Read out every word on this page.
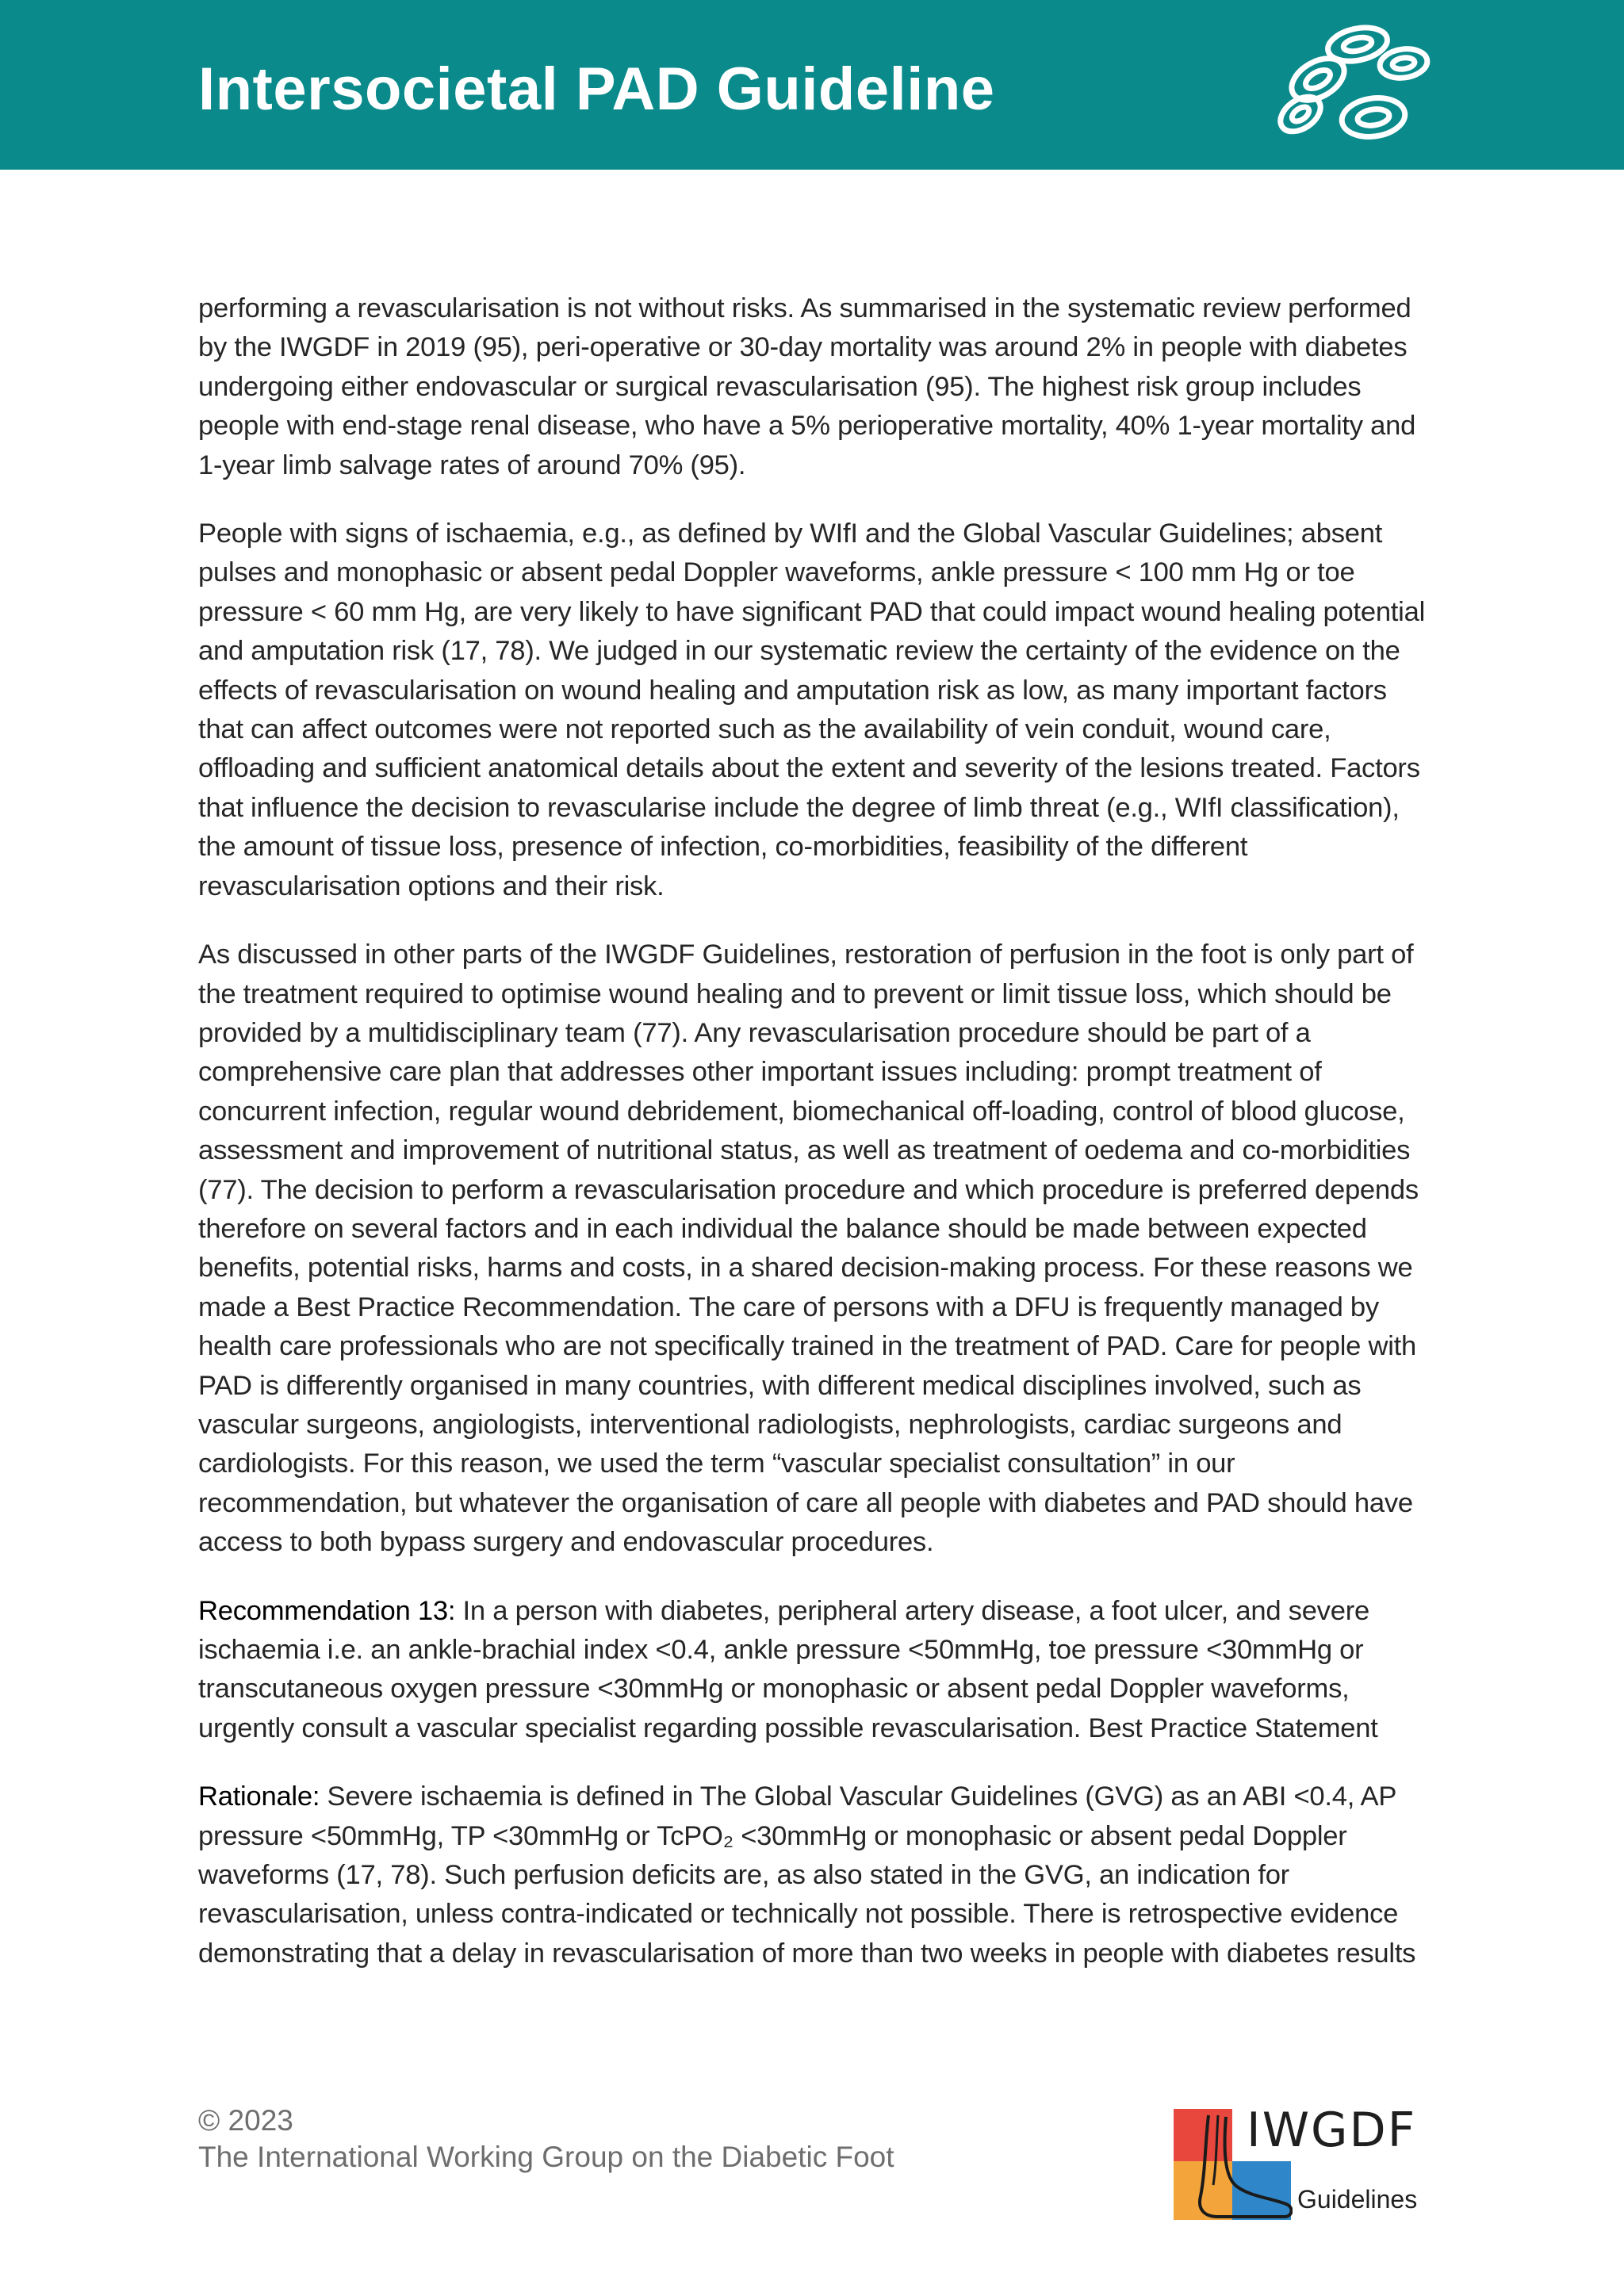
Intersocietal PAD Guideline

performing a revascularisation is not without risks. As summarised in the systematic review performed by the IWGDF in 2019 (95), peri-operative or 30-day mortality was around 2% in people with diabetes undergoing either endovascular or surgical revascularisation (95). The highest risk group includes people with end-stage renal disease, who have a 5% perioperative mortality, 40% 1-year mortality and 1-year limb salvage rates of around 70% (95).

People with signs of ischaemia, e.g., as defined by WIfI and the Global Vascular Guidelines; absent pulses and monophasic or absent pedal Doppler waveforms, ankle pressure < 100 mm Hg or toe pressure < 60 mm Hg, are very likely to have significant PAD that could impact wound healing potential and amputation risk (17, 78). We judged in our systematic review the certainty of the evidence on the effects of revascularisation on wound healing and amputation risk as low, as many important factors that can affect outcomes were not reported such as the availability of vein conduit, wound care, offloading and sufficient anatomical details about the extent and severity of the lesions treated. Factors that influence the decision to revascularise include the degree of limb threat (e.g., WIfI classification), the amount of tissue loss, presence of infection, co-morbidities, feasibility of the different revascularisation options and their risk.

As discussed in other parts of the IWGDF Guidelines, restoration of perfusion in the foot is only part of the treatment required to optimise wound healing and to prevent or limit tissue loss, which should be provided by a multidisciplinary team (77). Any revascularisation procedure should be part of a comprehensive care plan that addresses other important issues including: prompt treatment of concurrent infection, regular wound debridement, biomechanical off-loading, control of blood glucose, assessment and improvement of nutritional status, as well as treatment of oedema and co-morbidities (77). The decision to perform a revascularisation procedure and which procedure is preferred depends therefore on several factors and in each individual the balance should be made between expected benefits, potential risks, harms and costs, in a shared decision-making process. For these reasons we made a Best Practice Recommendation. The care of persons with a DFU is frequently managed by health care professionals who are not specifically trained in the treatment of PAD. Care for people with PAD is differently organised in many countries, with different medical disciplines involved, such as vascular surgeons, angiologists, interventional radiologists, nephrologists, cardiac surgeons and cardiologists. For this reason, we used the term “vascular specialist consultation” in our recommendation, but whatever the organisation of care all people with diabetes and PAD should have access to both bypass surgery and endovascular procedures.

Recommendation 13: In a person with diabetes, peripheral artery disease, a foot ulcer, and severe ischaemia i.e. an ankle-brachial index <0.4, ankle pressure <50mmHg, toe pressure <30mmHg or transcutaneous oxygen pressure <30mmHg or monophasic or absent pedal Doppler waveforms, urgently consult a vascular specialist regarding possible revascularisation. Best Practice Statement

Rationale: Severe ischaemia is defined in The Global Vascular Guidelines (GVG) as an ABI <0.4, AP pressure <50mmHg, TP <30mmHg or TcPO₂ <30mmHg or monophasic or absent pedal Doppler waveforms (17, 78). Such perfusion deficits are, as also stated in the GVG, an indication for revascularisation, unless contra-indicated or technically not possible. There is retrospective evidence demonstrating that a delay in revascularisation of more than two weeks in people with diabetes results

© 2023
The International Working Group on the Diabetic Foot	IWGDF
Guidelines
